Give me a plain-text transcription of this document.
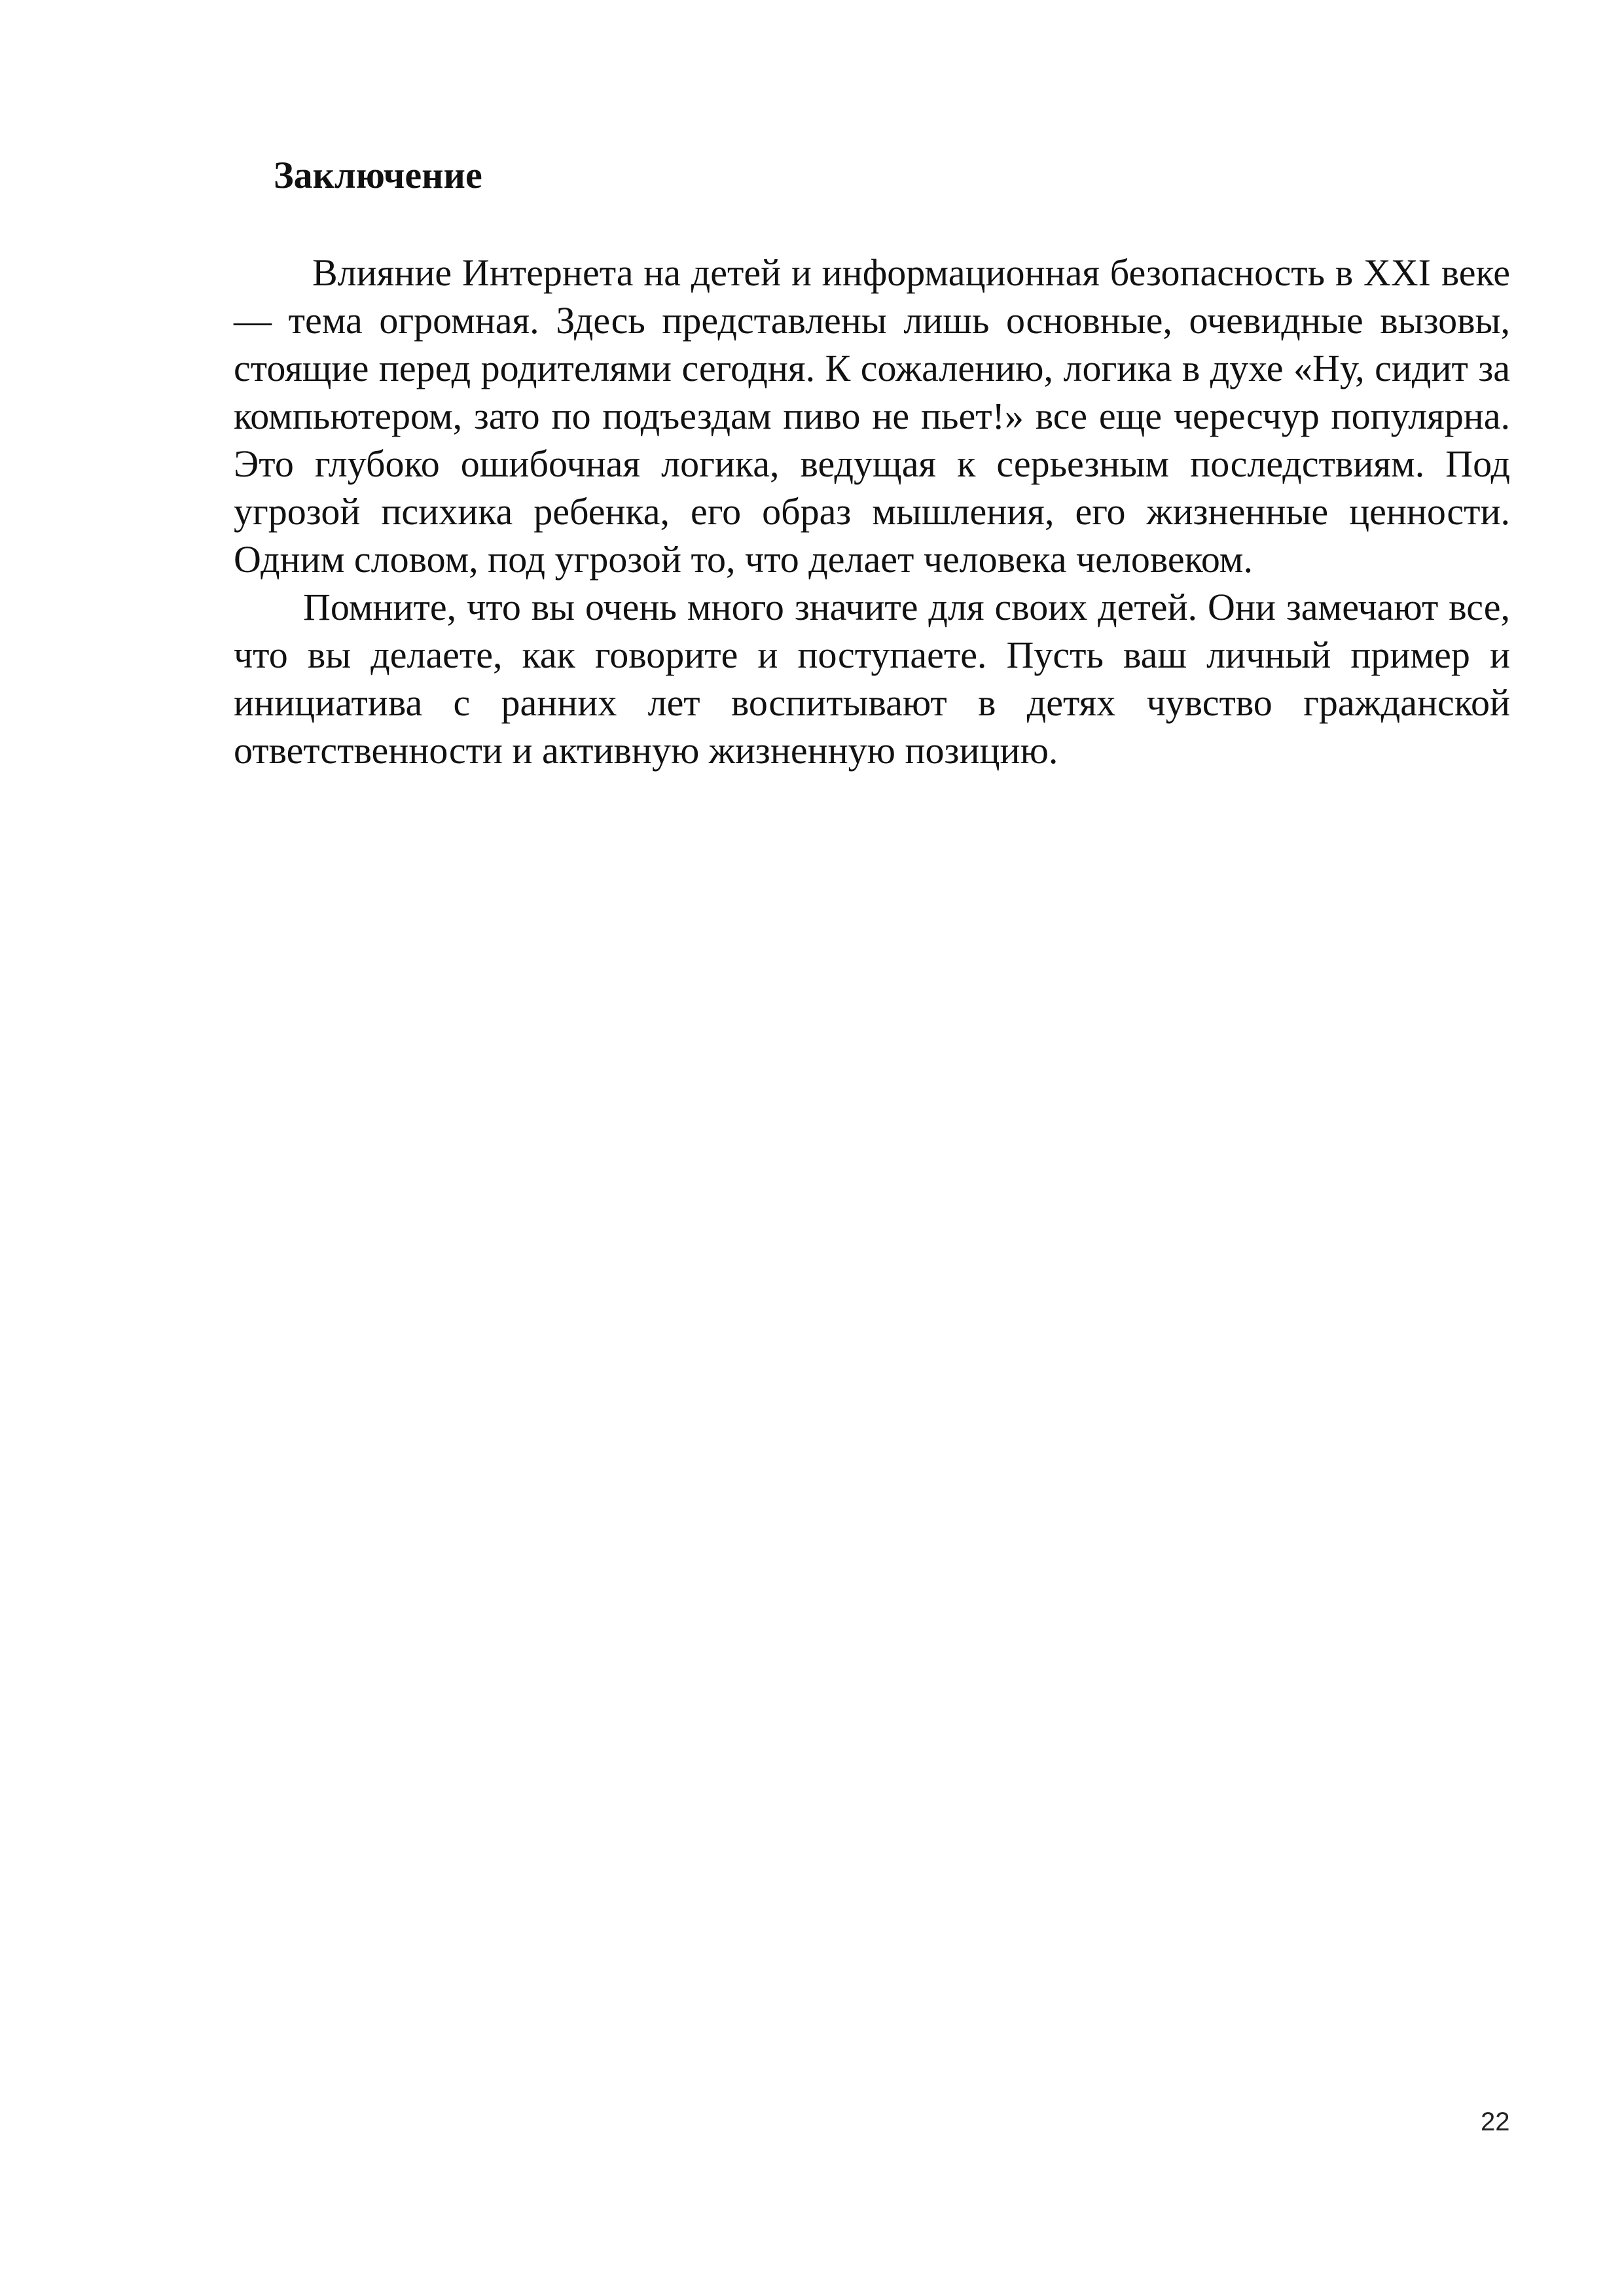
Заключение

Влияние Интернета на детей и информационная безопасность в XXI веке — тема огромная. Здесь представлены лишь основные, очевидные вызовы, стоящие перед родителями сегодня. К сожалению, логика в духе «Ну, сидит за компьютером, зато по подъездам пиво не пьет!» все еще чересчур популярна. Это глубоко ошибочная логика, ведущая к серьезным последствиям. Под угрозой психика ребенка, его образ мышления, его жизненные ценности. Одним словом, под угрозой то, что делает человека человеком.

Помните, что вы очень много значите для своих детей. Они замечают все, что вы делаете, как говорите и поступаете. Пусть ваш личный пример и инициатива с ранних лет воспитывают в детях чувство гражданской ответственности и активную жизненную позицию.

22
